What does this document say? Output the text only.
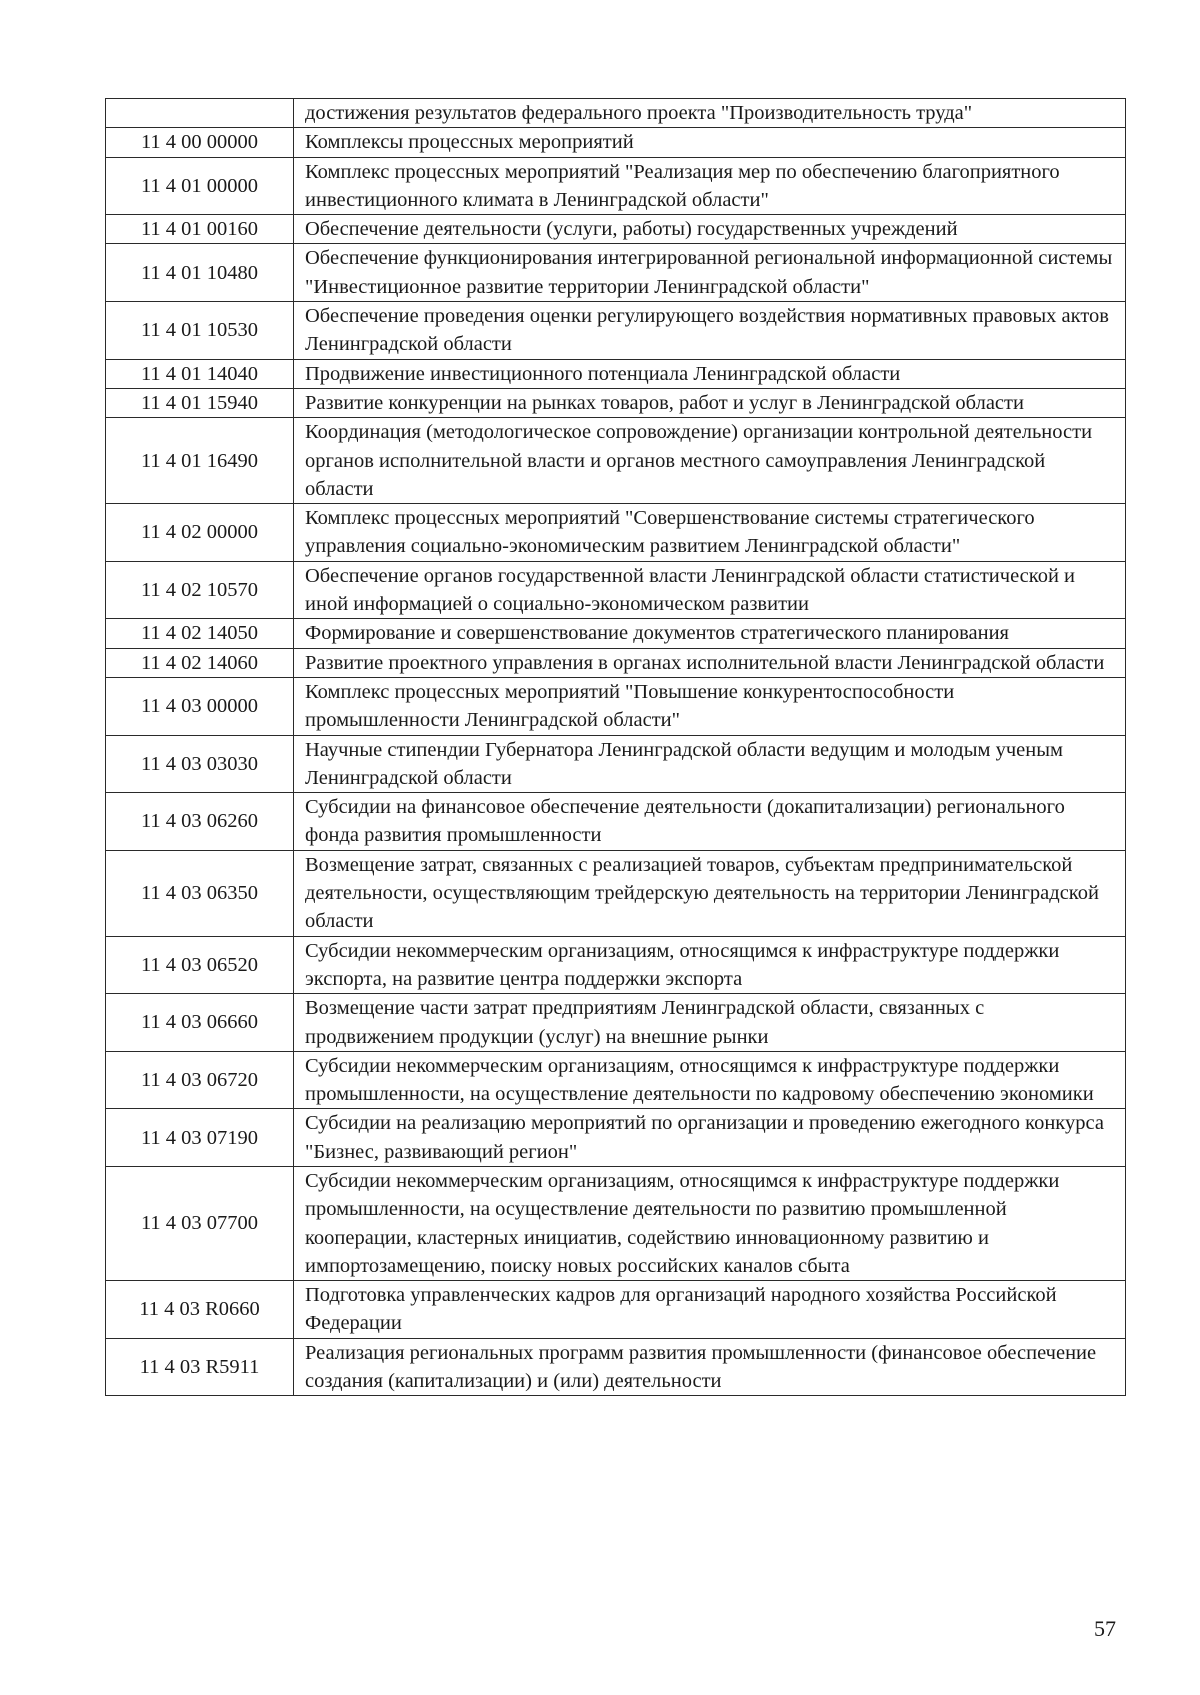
	достижения результатов федерального проекта "Производительность труда"
11 4 00 00000	Комплексы процессных мероприятий
11 4 01 00000	Комплекс процессных мероприятий "Реализация мер по обеспечению благоприятного инвестиционного климата в Ленинградской области"
11 4 01 00160	Обеспечение деятельности (услуги, работы) государственных учреждений
11 4 01 10480	Обеспечение функционирования интегрированной региональной информационной системы "Инвестиционное развитие территории Ленинградской области"
11 4 01 10530	Обеспечение проведения оценки регулирующего воздействия нормативных правовых актов Ленинградской области
11 4 01 14040	Продвижение инвестиционного потенциала Ленинградской области
11 4 01 15940	Развитие конкуренции на рынках товаров, работ и услуг в Ленинградской области
11 4 01 16490	Координация (методологическое сопровождение) организации контрольной деятельности органов исполнительной власти и органов местного самоуправления Ленинградской области
11 4 02 00000	Комплекс процессных мероприятий "Совершенствование системы стратегического управления социально-экономическим развитием Ленинградской области"
11 4 02 10570	Обеспечение органов государственной власти Ленинградской области статистической и иной информацией о социально-экономическом развитии
11 4 02 14050	Формирование и совершенствование документов стратегического планирования
11 4 02 14060	Развитие проектного управления в органах исполнительной власти Ленинградской области
11 4 03 00000	Комплекс процессных мероприятий "Повышение конкурентоспособности промышленности Ленинградской области"
11 4 03 03030	Научные стипендии Губернатора Ленинградской области ведущим и молодым ученым Ленинградской области
11 4 03 06260	Субсидии на финансовое обеспечение деятельности (докапитализации) регионального фонда развития промышленности
11 4 03 06350	Возмещение затрат, связанных с реализацией товаров, субъектам предпринимательской деятельности, осуществляющим трейдерскую деятельность на территории Ленинградской области
11 4 03 06520	Субсидии некоммерческим организациям, относящимся к инфраструктуре поддержки экспорта, на развитие центра поддержки экспорта
11 4 03 06660	Возмещение части затрат предприятиям Ленинградской области, связанных с продвижением продукции (услуг) на внешние рынки
11 4 03 06720	Субсидии некоммерческим организациям, относящимся к инфраструктуре поддержки промышленности, на осуществление деятельности по кадровому обеспечению экономики
11 4 03 07190	Субсидии на реализацию мероприятий по организации и проведению ежегодного конкурса "Бизнес, развивающий регион"
11 4 03 07700	Субсидии некоммерческим организациям, относящимся к инфраструктуре поддержки промышленности, на осуществление деятельности по развитию промышленной кооперации, кластерных инициатив, содействию инновационному развитию и импортозамещению, поиску новых российских каналов сбыта
11 4 03 R0660	Подготовка управленческих кадров для организаций народного хозяйства Российской Федерации
11 4 03 R5911	Реализация региональных программ развития промышленности (финансовое обеспечение создания (капитализации) и (или) деятельности
57
